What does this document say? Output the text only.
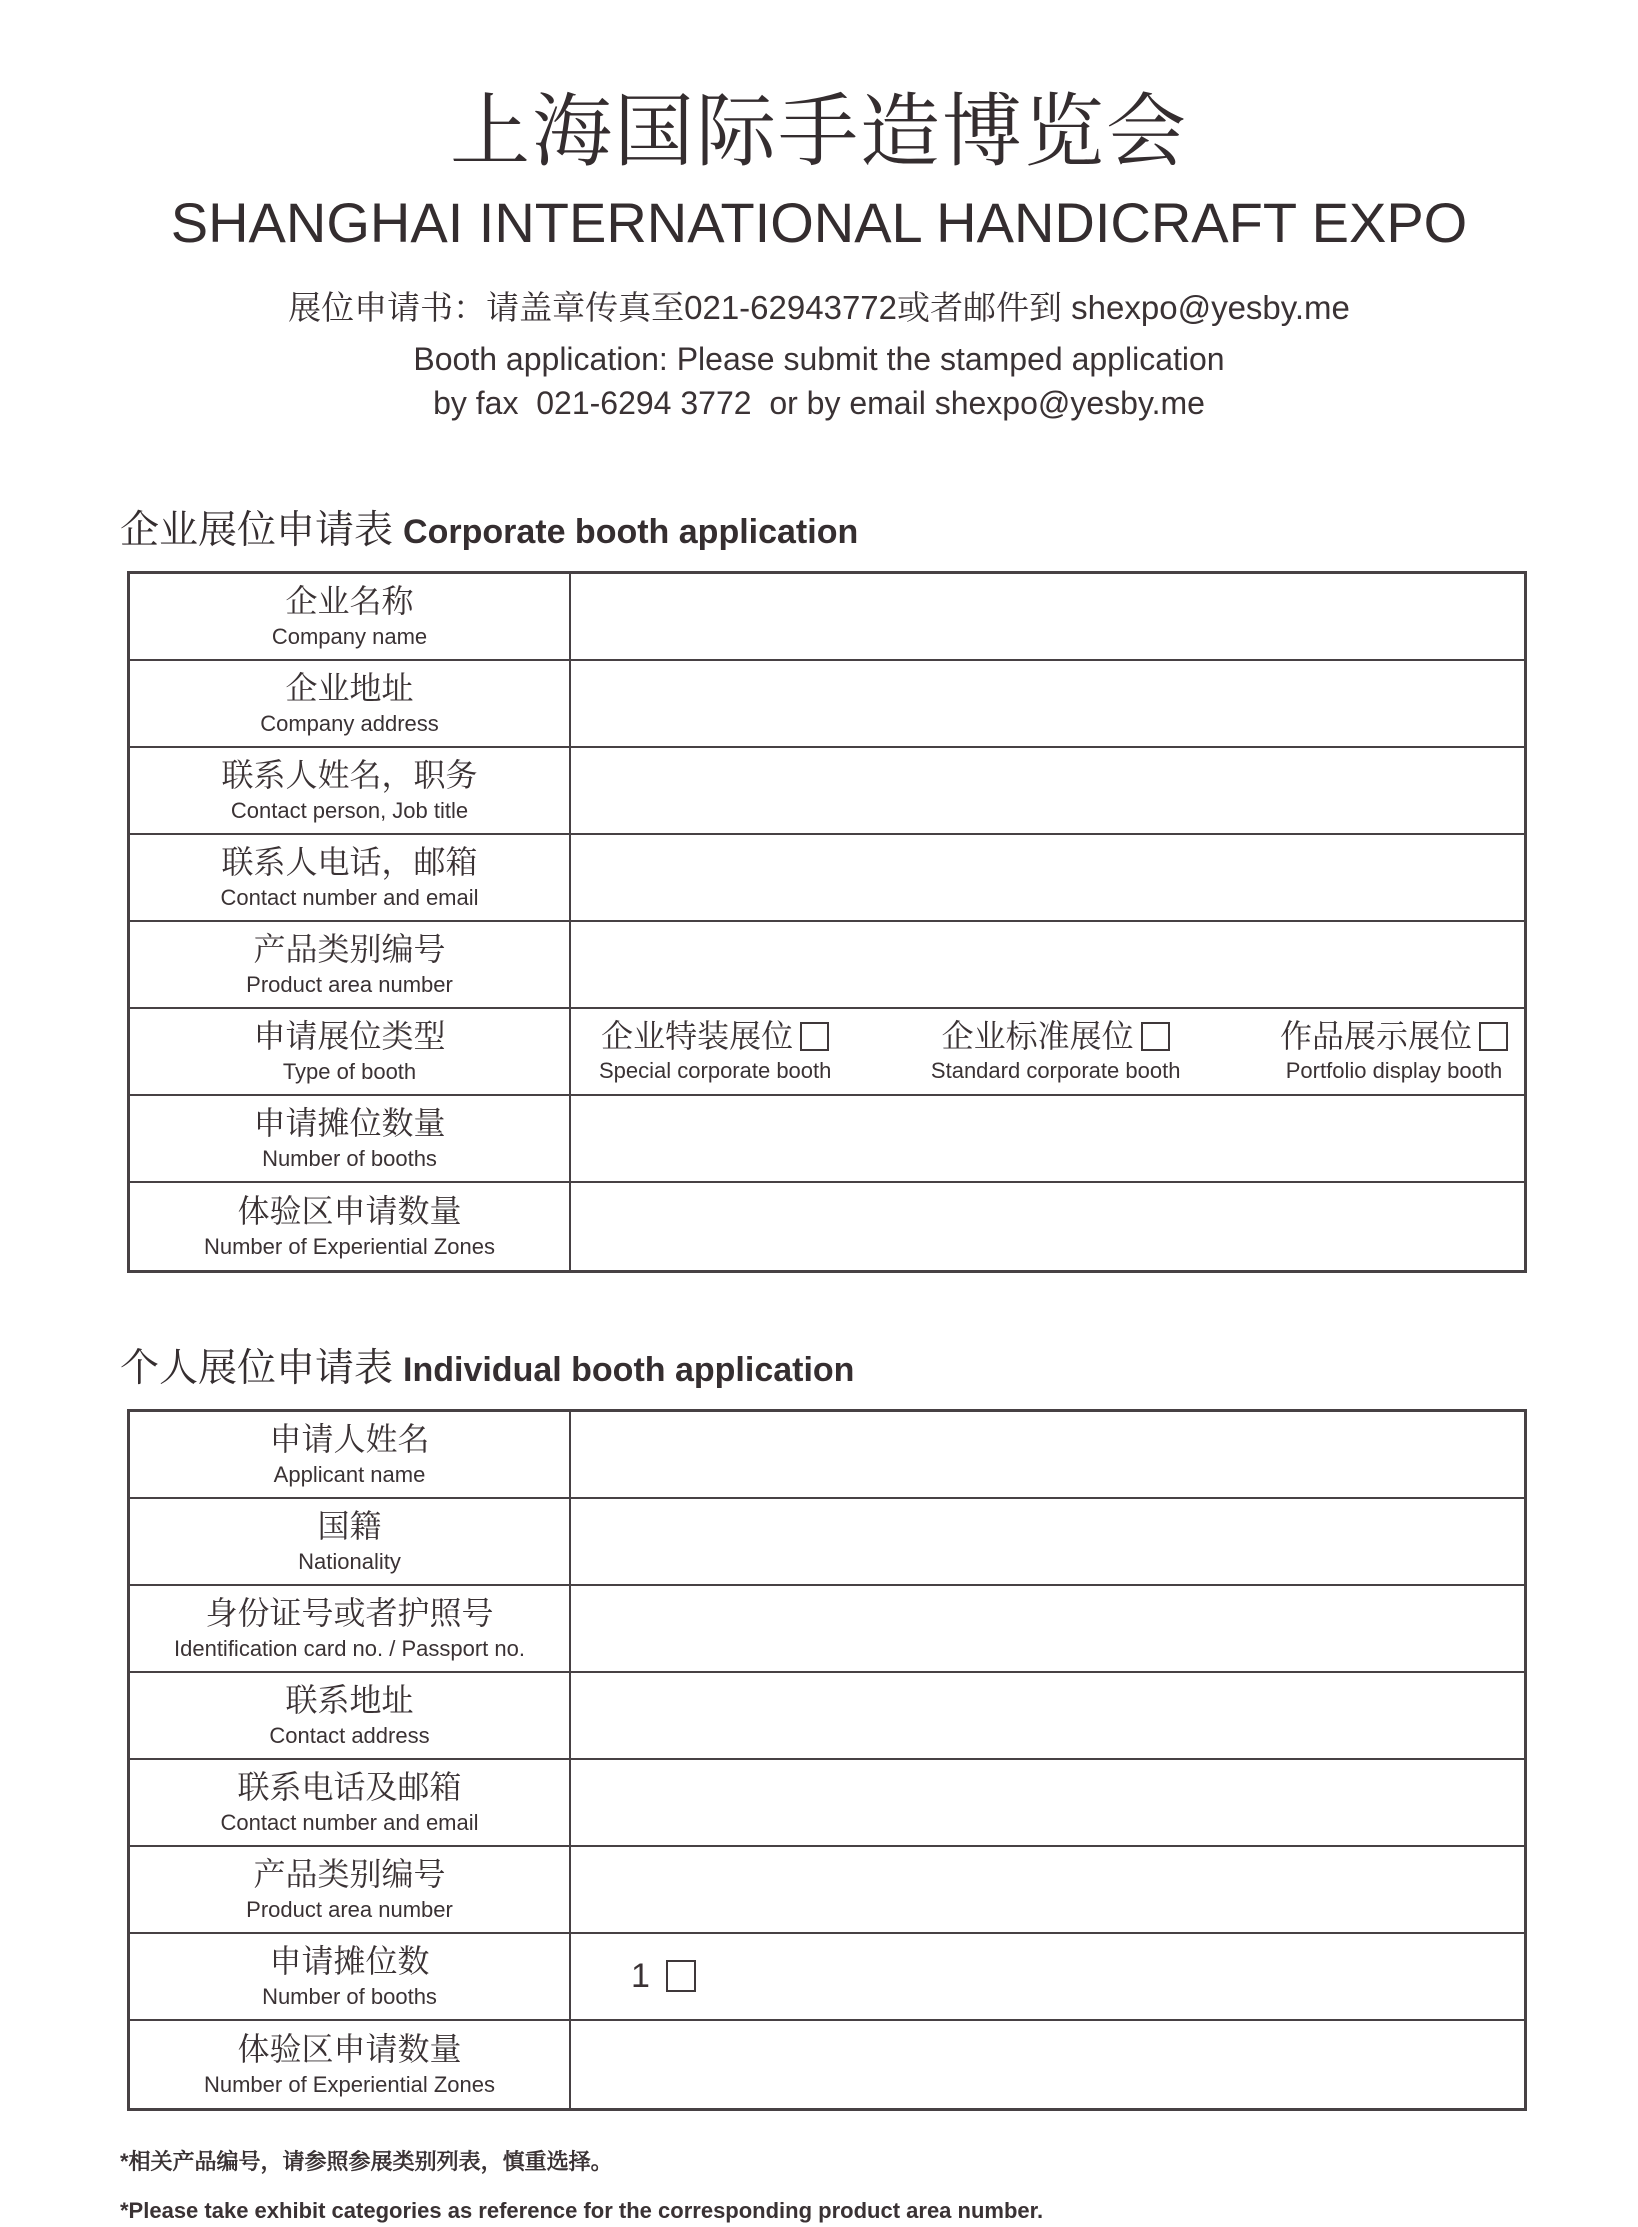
上海国际手造博览会
SHANGHAI INTERNATIONAL HANDICRAFT EXPO
展位申请书：请盖章传真至021-62943772或者邮件到 shexpo@yesby.me
Booth application: Please submit the stamped application
by fax  021-6294 3772  or by email shexpo@yesby.me
企业展位申请表 Corporate booth application
企业名称
Company name
企业地址
Company address
联系人姓名，职务
Contact person, Job title
联系人电话，邮箱
Contact number and email
产品类别编号
Product area number
申请展位类型
Type of booth
企业特装展位
Special corporate booth
企业标准展位
Standard corporate booth
作品展示展位
Portfolio display booth
申请摊位数量
Number of booths
体验区申请数量
Number of Experiential Zones
个人展位申请表 Individual booth application
申请人姓名
Applicant name
国籍
Nationality
身份证号或者护照号
Identification card no. / Passport no.
联系地址
Contact address
联系电话及邮箱
Contact number and email
产品类别编号
Product area number
申请摊位数
Number of booths
1
体验区申请数量
Number of Experiential Zones
*相关产品编号，请参照参展类别列表，慎重选择。
*Please take exhibit categories as reference for the corresponding product area number.
